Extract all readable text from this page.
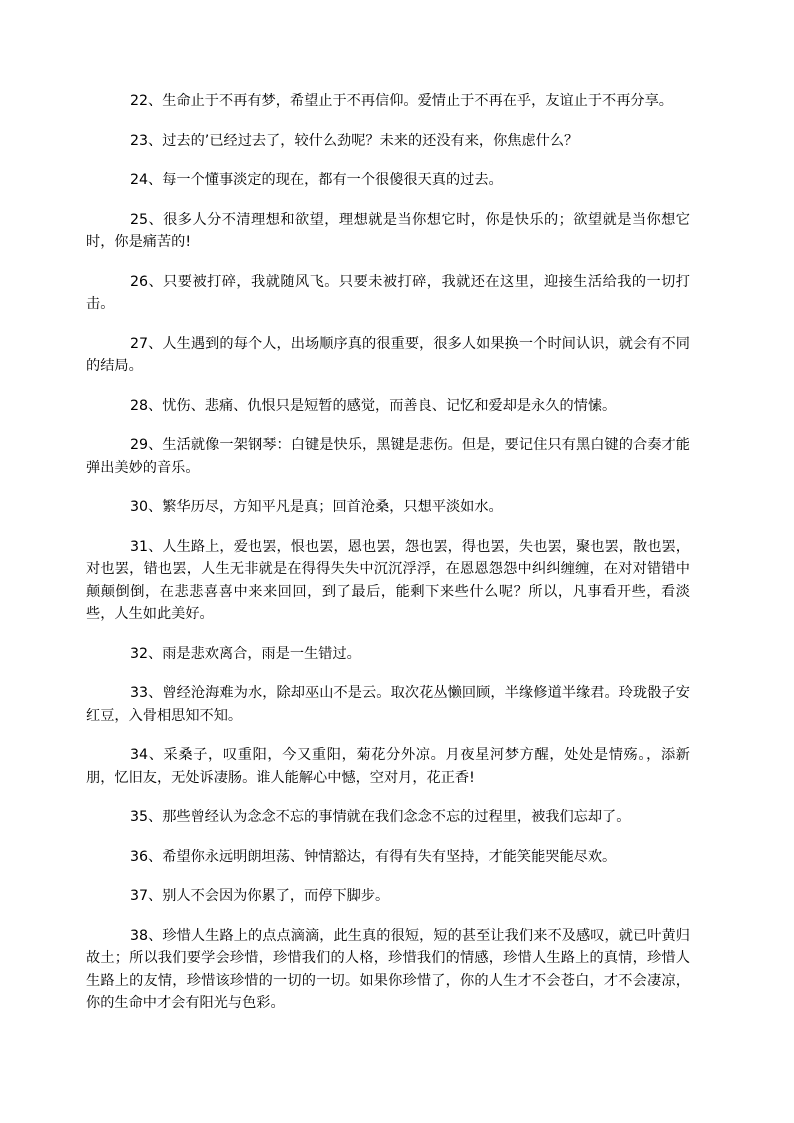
22、生命止于不再有梦，希望止于不再信仰。爱情止于不再在乎，友谊止于不再分享。

23、过去的’已经过去了，较什么劲呢？未来的还没有来，你焦虑什么？

24、每一个懂事淡定的现在，都有一个很傻很天真的过去。

25、很多人分不清理想和欲望，理想就是当你想它时，你是快乐的；欲望就是当你想它时，你是痛苦的!

26、只要被打碎，我就随风飞。只要未被打碎，我就还在这里，迎接生活给我的一切打击。

27、人生遇到的每个人，出场顺序真的很重要，很多人如果换一个时间认识，就会有不同的结局。

28、忧伤、悲痛、仇恨只是短暂的感觉，而善良、记忆和爱却是永久的情愫。

29、生活就像一架钢琴：白键是快乐，黑键是悲伤。但是，要记住只有黑白键的合奏才能弹出美妙的音乐。

30、繁华历尽，方知平凡是真；回首沧桑，只想平淡如水。

31、人生路上，爱也罢，恨也罢，恩也罢，怨也罢，得也罢，失也罢，聚也罢，散也罢，对也罢，错也罢，人生无非就是在得得失失中沉沉浮浮，在恩恩怨怨中纠纠缠缠，在对对错错中颠颠倒倒，在悲悲喜喜中来来回回，到了最后，能剩下来些什么呢？所以，凡事看开些，看淡些，人生如此美好。

32、雨是悲欢离合，雨是一生错过。

33、曾经沧海难为水，除却巫山不是云。取次花丛懒回顾，半缘修道半缘君。玲珑骰子安红豆，入骨相思知不知。

34、采桑子，叹重阳，今又重阳，菊花分外凉。月夜星河梦方醒，处处是情殇。，添新朋，忆旧友，无处诉凄肠。谁人能解心中憾，空对月，花正香!

35、那些曾经认为念念不忘的事情就在我们念念不忘的过程里，被我们忘却了。

36、希望你永远明朗坦荡、钟情豁达，有得有失有坚持，才能笑能哭能尽欢。

37、别人不会因为你累了，而停下脚步。

38、珍惜人生路上的点点滴滴，此生真的很短，短的甚至让我们来不及感叹，就已叶黄归故土；所以我们要学会珍惜，珍惜我们的人格，珍惜我们的情感，珍惜人生路上的真情，珍惜人生路上的友情，珍惜该珍惜的一切的一切。如果你珍惜了，你的人生才不会苍白，才不会凄凉，你的生命中才会有阳光与色彩。
